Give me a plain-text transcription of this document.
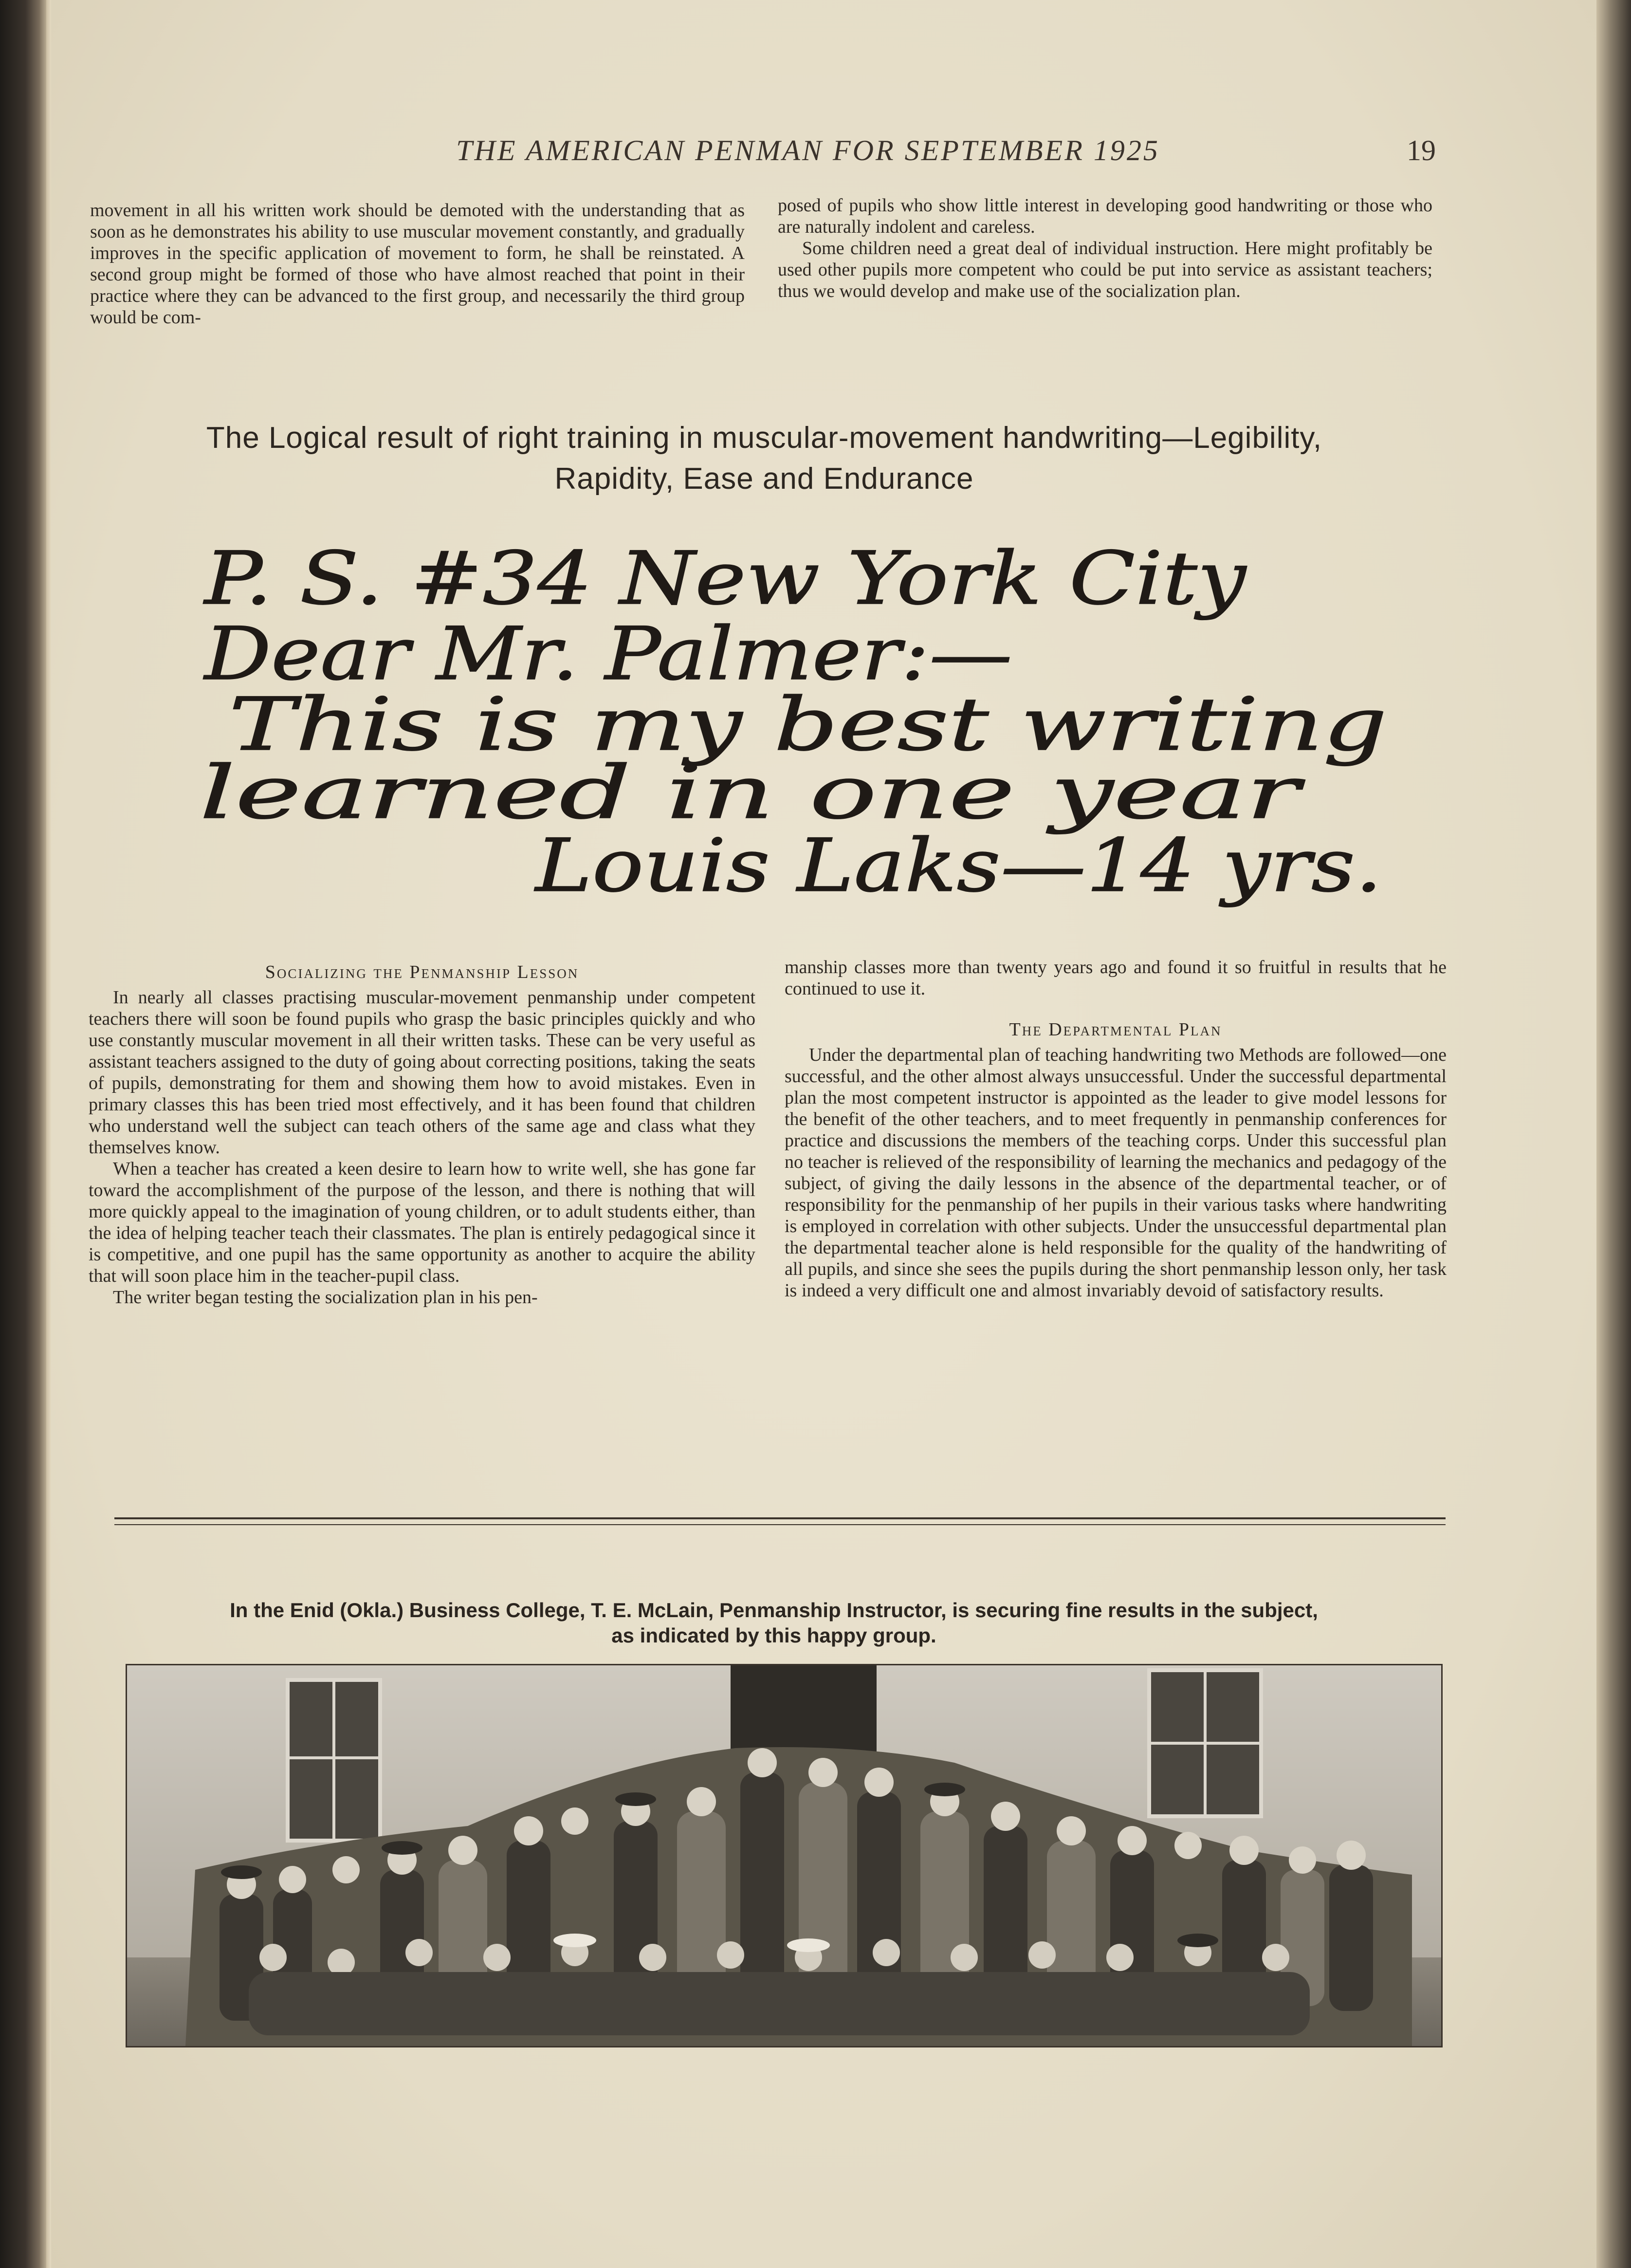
THE AMERICAN PENMAN FOR SEPTEMBER 1925	19

movement in all his written work should be demoted with the understanding that as soon as he demonstrates his ability to use muscular movement constantly, and gradually improves in the specific application of movement to form, he shall be reinstated. A second group might be formed of those who have almost reached that point in their practice where they can be advanced to the first group, and necessarily the third group would be com-

posed of pupils who show little interest in developing good handwriting or those who are naturally indolent and careless.

Some children need a great deal of individual instruction. Here might profitably be used other pupils more competent who could be put into service as assistant teachers; thus we would develop and make use of the socialization plan.

The Logical result of right training in muscular-movement handwriting—Legibility,
Rapidity, Ease and Endurance
P. S. #34 New York City
Dear Mr. Palmer:—
This is my best writing
learned in one year
Louis Laks—14 yrs.
Socializing the Penmanship Lesson

In nearly all classes practising muscular-movement penmanship under competent teachers there will soon be found pupils who grasp the basic principles quickly and who use constantly muscular movement in all their written tasks. These can be very useful as assistant teachers assigned to the duty of going about correcting positions, taking the seats of pupils, demonstrating for them and showing them how to avoid mistakes. Even in primary classes this has been tried most effectively, and it has been found that children who understand well the subject can teach others of the same age and class what they themselves know.

When a teacher has created a keen desire to learn how to write well, she has gone far toward the accomplishment of the purpose of the lesson, and there is nothing that will more quickly appeal to the imagination of young children, or to adult students either, than the idea of helping teacher teach their classmates. The plan is entirely pedagogical since it is competitive, and one pupil has the same opportunity as another to acquire the ability that will soon place him in the teacher-pupil class.

The writer began testing the socialization plan in his pen-

manship classes more than twenty years ago and found it so fruitful in results that he continued to use it.

The Departmental Plan

Under the departmental plan of teaching handwriting two Methods are followed—one successful, and the other almost always unsuccessful. Under the successful departmental plan the most competent instructor is appointed as the leader to give model lessons for the benefit of the other teachers, and to meet frequently in penmanship conferences for practice and discussions the members of the teaching corps. Under this successful plan no teacher is relieved of the responsibility of learning the mechanics and pedagogy of the subject, of giving the daily lessons in the absence of the departmental teacher, or of responsibility for the penmanship of her pupils in their various tasks where handwriting is employed in correlation with other subjects. Under the unsuccessful departmental plan the departmental teacher alone is held responsible for the quality of the handwriting of all pupils, and since she sees the pupils during the short penmanship lesson only, her task is indeed a very difficult one and almost invariably devoid of satisfactory results.

In the Enid (Okla.) Business College, T. E. McLain, Penmanship Instructor, is securing fine results in the subject,
as indicated by this happy group.
